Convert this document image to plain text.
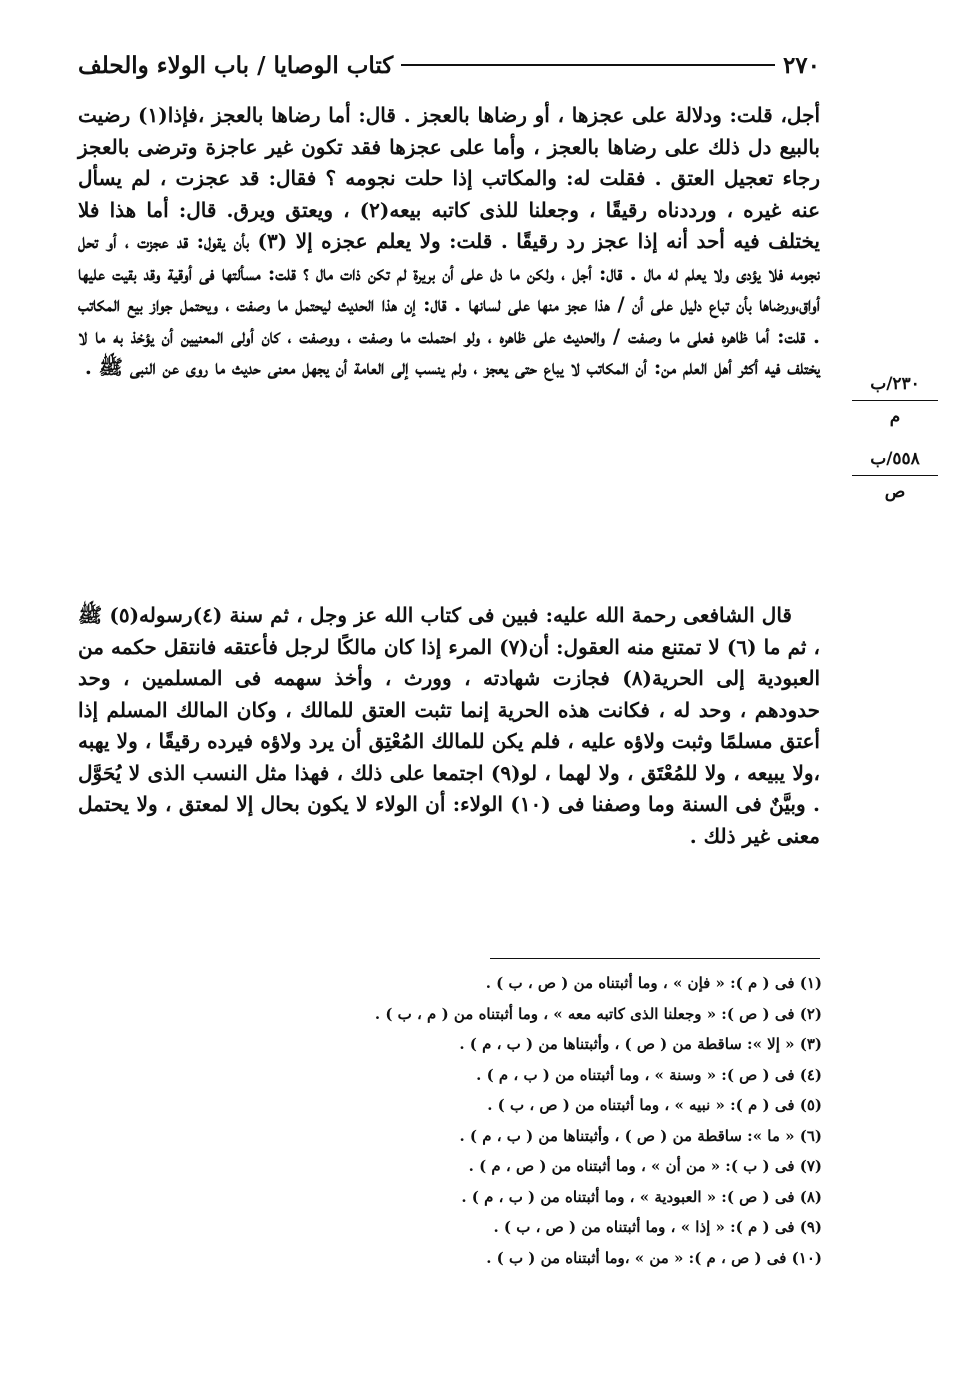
٢٧٠
كتاب الوصايا / باب الولاء والحلف

أجل، قلت: ودلالة على عجزها ، أو رضاها بالعجز . قال: أما رضاها بالعجز ،فإذا(١) رضيت بالبيع دل ذلك على رضاها بالعجز ، وأما على عجزها فقد تكون غير عاجزة وترضى بالعجز رجاء تعجيل العتق . فقلت له: والمكاتب إذا حلت نجومه ؟ فقال: قد عجزت ، لم يسأل عنه غيره ، ورددناه رقيقًا ، وجعلنا للذى كاتبه بيعه(٢) ، ويعتق ويرق. قال: أما هذا فلا يختلف فيه أحد أنه إذا عجز رد رقيقًا . قلت: ولا يعلم عجزه إلا (٣) بأن يقول: قد عجزت ، أو تحل نجومه فلا يؤدى ولا يعلم له مال . قال: أجل ، ولكن ما دل على أن بريرة لم تكن ذات مال ؟ قلت: مسألتها فى أوقية وقد بقيت عليها أواق،ورضاها بأن تباع دليل على أن / هذا عجز منها على لسانها . قال: إن هذا الحديث ليحتمل ما وصفت ، ويحتمل جواز بيع المكاتب . قلت: أما ظاهره فعلى ما وصفت / والحديث على ظاهره ، ولو احتملت ما وصفت ، ووصفت ، كان أولى المعنيين أن يؤخذ به ما لا يختلف فيه أكثر أهل العلم من: أن المكاتب لا يباع حتى يعجز ، ولم ينسب إلى العامة أن يجهل معنى حديث ما روى عن النبى ﷺ .

قال الشافعى رحمة الله عليه: فبين فى كتاب الله عز وجل ، ثم سنة (٤)رسوله(٥) ﷺ ، ثم ما (٦) لا تمتنع منه العقول: أن(٧) المرء إذا كان مالكًا لرجل فأعتقه فانتقل حكمه من العبودية إلى الحرية(٨) فجازت شهادته ، وورث ، وأخذ سهمه فى المسلمين ، وحد حدودهم ، وحد له ، فكانت هذه الحرية إنما تثبت العتق للمالك ، وكان المالك المسلم إذا أعتق مسلمًا وثبت ولاؤه عليه ، فلم يكن للمالك المُعْتِق أن يرد ولاؤه فيرده رقيقًا ، ولا يهبه ،ولا يبيعه ، ولا للمُعْتَق ، ولا لهما ، لو(٩) اجتمعا على ذلك ، فهذا مثل النسب الذى لا يُحَوَّل . وبيَّنٌ فى السنة وما وصفنا فى (١٠) الولاء: أن الولاء لا يكون بحال إلا لمعتق ، ولا يحتمل معنى غير ذلك .

٢٣٠/ب
م
٥٥٨/ب
ص
(١) فى ( م ): « فإن » ، وما أثبتناه من ( ص ، ب ) .
(٢) فى ( ص ): « وجعلنا الذى كاتبه معه » ، وما أثبتناه من ( م ، ب ) .
(٣) « إلا »: ساقطة من ( ص ) ، وأثبتناها من ( ب ، م ) .
(٤) فى ( ص ): « وسنة » ، وما أثبتناه من ( ب ، م ) .
(٥) فى ( م ): « نبيه » ، وما أثبتناه من ( ص ، ب ) .
(٦) « ما »: ساقطة من ( ص ) ، وأثبتناها من ( ب ، م ) .
(٧) فى ( ب ): « من أن » ، وما أثبتناه من ( ص ، م ) .
(٨) فى ( ص ): « العبودية » ، وما أثبتناه من ( ب ، م ) .
(٩) فى ( م ): « إذا » ، وما أثبتناه من ( ص ، ب ) .
(١٠) فى ( ص ، م ): « من » ،وما أثبتناه من ( ب ) .
